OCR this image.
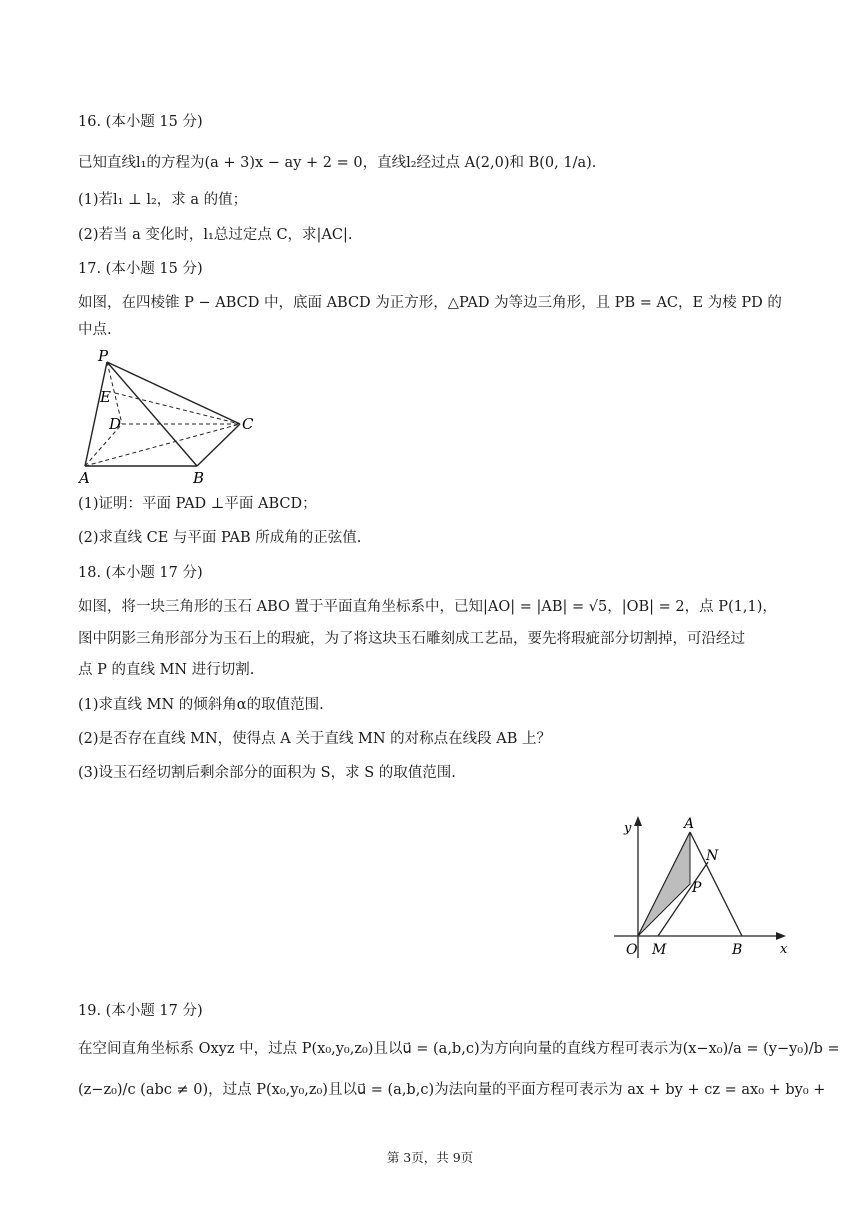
16. (本小题 15 分)
已知直线l₁的方程为(a + 3)x − ay + 2 = 0，直线l₂经过点 A(2,0)和 B(0, 1/a).
(1)若l₁ ⊥ l₂，求 a 的值；
(2)若当 a 变化时，l₁总过定点 C，求|AC|.
17. (本小题 15 分)
如图，在四棱锥 P − ABCD 中，底面 ABCD 为正方形，△PAD 为等边三角形，且 PB = AC，E 为棱 PD 的
中点.
P
E
D	C
A	B
(1)证明：平面 PAD ⊥平面 ABCD；
(2)求直线 CE 与平面 PAB 所成角的正弦值.
18. (本小题 17 分)
如图，将一块三角形的玉石 ABO 置于平面直角坐标系中，已知|AO| = |AB| = √5，|OB| = 2，点 P(1,1)，
图中阴影三角形部分为玉石上的瑕疵，为了将这块玉石雕刻成工艺品，要先将瑕疵部分切割掉，可沿经过
点 P 的直线 MN 进行切割.
(1)求直线 MN 的倾斜角α的取值范围.
(2)是否存在直线 MN，使得点 A 关于直线 MN 的对称点在线段 AB 上？
(3)设玉石经切割后剩余部分的面积为 S，求 S 的取值范围.
y
x
A
N
P
O M	B
19. (本小题 17 分)
在空间直角坐标系 Oxyz 中，过点 P(x₀,y₀,z₀)且以u⃗ = (a,b,c)为方向向量的直线方程可表示为(x−x₀)/a = (y−y₀)/b =
(z−z₀)/c (abc ≠ 0)，过点 P(x₀,y₀,z₀)且以u⃗ = (a,b,c)为法向量的平面方程可表示为 ax + by + cz = ax₀ + by₀ +
第 3页，共 9页
